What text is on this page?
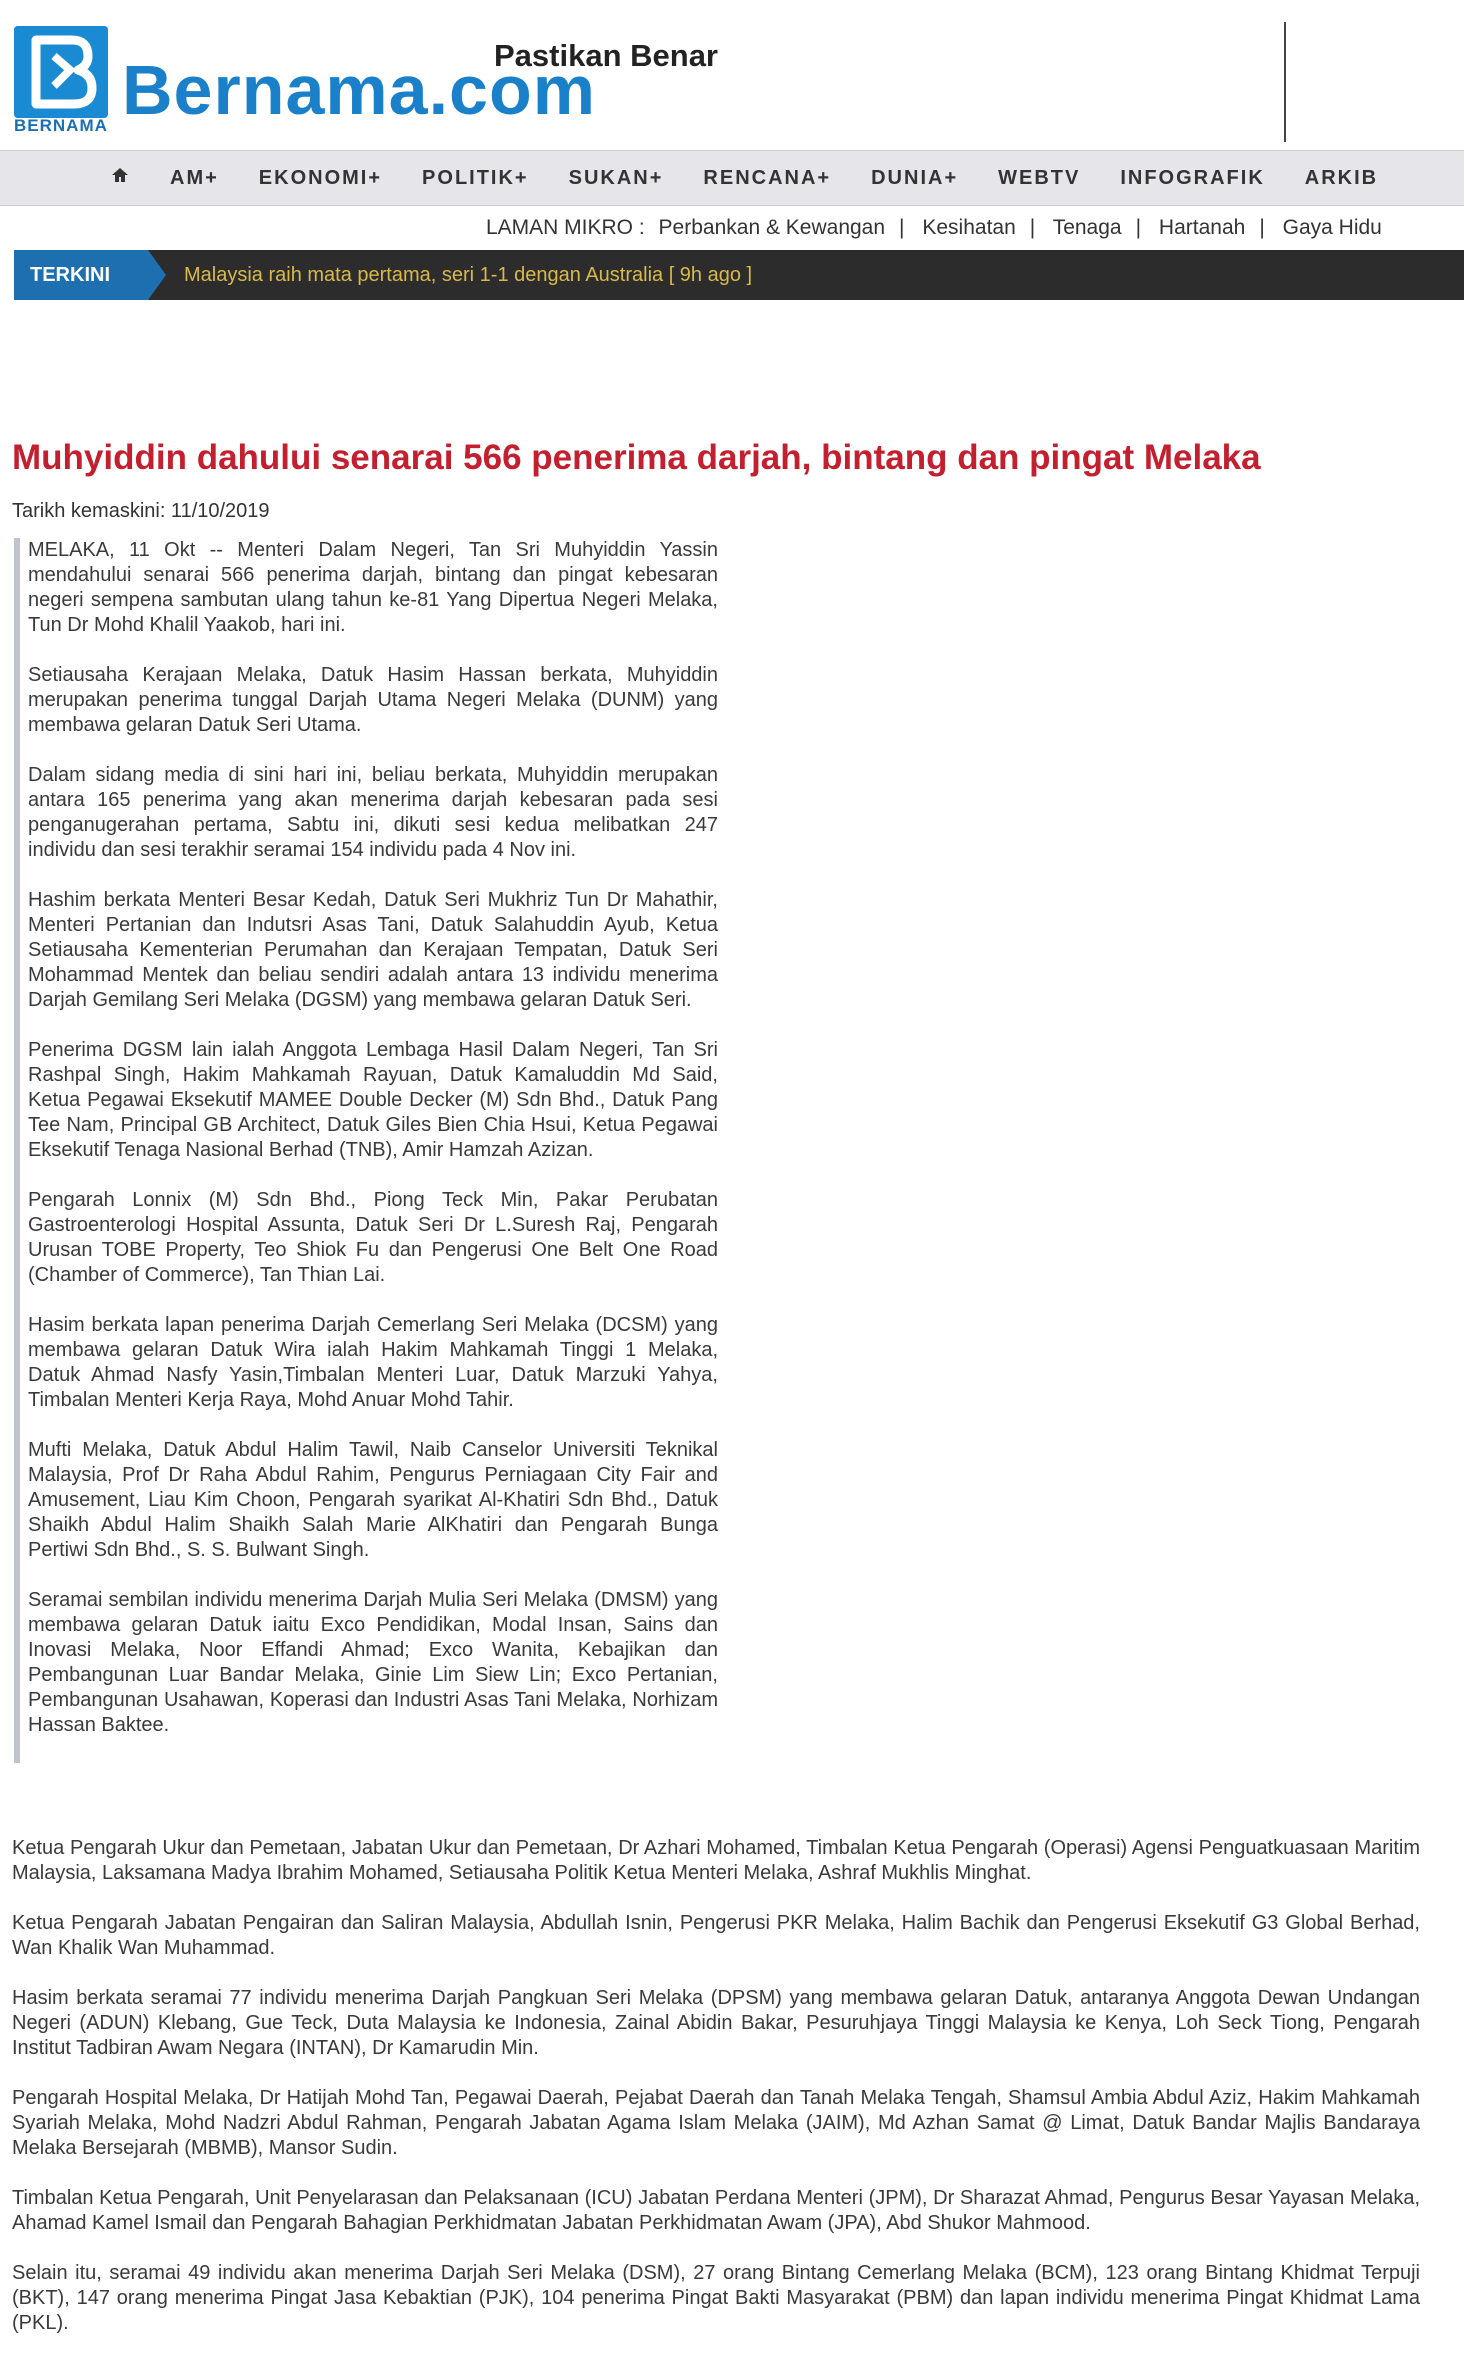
BERNAMA Bernama.com
Pastikan Benar
AM+ EKONOMI+ POLITIK+ SUKAN+ RENCANA+ DUNIA+ WEBTV INFOGRAFIK ARKIB
LAMAN MIKRO : Perbankan & Kewangan | Kesihatan | Tenaga | Hartanah | Gaya Hidu
TERKINI	Malaysia raih mata pertama, seri 1-1 dengan Australia [ 9h ago ]
Muhyiddin dahului senarai 566 penerima darjah, bintang dan pingat Melaka
Tarikh kemaskini: 11/10/2019

MELAKA, 11 Okt -- Menteri Dalam Negeri, Tan Sri Muhyiddin Yassin mendahului senarai 566 penerima darjah, bintang dan pingat kebesaran negeri sempena sambutan ulang tahun ke-81 Yang Dipertua Negeri Melaka, Tun Dr Mohd Khalil Yaakob, hari ini.

Setiausaha Kerajaan Melaka, Datuk Hasim Hassan berkata, Muhyiddin merupakan penerima tunggal Darjah Utama Negeri Melaka (DUNM) yang membawa gelaran Datuk Seri Utama.

Dalam sidang media di sini hari ini, beliau berkata, Muhyiddin merupakan antara 165 penerima yang akan menerima darjah kebesaran pada sesi penganugerahan pertama, Sabtu ini, dikuti sesi kedua melibatkan 247 individu dan sesi terakhir seramai 154 individu pada 4 Nov ini.

Hashim berkata Menteri Besar Kedah, Datuk Seri Mukhriz Tun Dr Mahathir, Menteri Pertanian dan Indutsri Asas Tani, Datuk Salahuddin Ayub, Ketua Setiausaha Kementerian Perumahan dan Kerajaan Tempatan, Datuk Seri Mohammad Mentek dan beliau sendiri adalah antara 13 individu menerima Darjah Gemilang Seri Melaka (DGSM) yang membawa gelaran Datuk Seri.

Penerima DGSM lain ialah Anggota Lembaga Hasil Dalam Negeri, Tan Sri Rashpal Singh, Hakim Mahkamah Rayuan, Datuk Kamaluddin Md Said, Ketua Pegawai Eksekutif MAMEE Double Decker (M) Sdn Bhd., Datuk Pang Tee Nam, Principal GB Architect, Datuk Giles Bien Chia Hsui, Ketua Pegawai Eksekutif Tenaga Nasional Berhad (TNB), Amir Hamzah Azizan.

Pengarah Lonnix (M) Sdn Bhd., Piong Teck Min, Pakar Perubatan Gastroenterologi Hospital Assunta, Datuk Seri Dr L.Suresh Raj, Pengarah Urusan TOBE Property, Teo Shiok Fu dan Pengerusi One Belt One Road (Chamber of Commerce), Tan Thian Lai.

Hasim berkata lapan penerima Darjah Cemerlang Seri Melaka (DCSM) yang membawa gelaran Datuk Wira ialah Hakim Mahkamah Tinggi 1 Melaka, Datuk Ahmad Nasfy Yasin,Timbalan Menteri Luar, Datuk Marzuki Yahya, Timbalan Menteri Kerja Raya, Mohd Anuar Mohd Tahir.

Mufti Melaka, Datuk Abdul Halim Tawil, Naib Canselor Universiti Teknikal Malaysia, Prof Dr Raha Abdul Rahim, Pengurus Perniagaan City Fair and Amusement, Liau Kim Choon, Pengarah syarikat Al-Khatiri Sdn Bhd., Datuk Shaikh Abdul Halim Shaikh Salah Marie AlKhatiri dan Pengarah Bunga Pertiwi Sdn Bhd., S. S. Bulwant Singh.

Seramai sembilan individu menerima Darjah Mulia Seri Melaka (DMSM) yang membawa gelaran Datuk iaitu Exco Pendidikan, Modal Insan, Sains dan Inovasi Melaka, Noor Effandi Ahmad; Exco Wanita, Kebajikan dan Pembangunan Luar Bandar Melaka, Ginie Lim Siew Lin; Exco Pertanian, Pembangunan Usahawan, Koperasi dan Industri Asas Tani Melaka, Norhizam Hassan Baktee.

Ketua Pengarah Ukur dan Pemetaan, Jabatan Ukur dan Pemetaan, Dr Azhari Mohamed, Timbalan Ketua Pengarah (Operasi) Agensi Penguatkuasaan Maritim Malaysia, Laksamana Madya Ibrahim Mohamed, Setiausaha Politik Ketua Menteri Melaka, Ashraf Mukhlis Minghat.

Ketua Pengarah Jabatan Pengairan dan Saliran Malaysia, Abdullah Isnin, Pengerusi PKR Melaka, Halim Bachik dan Pengerusi Eksekutif G3 Global Berhad, Wan Khalik Wan Muhammad.

Hasim berkata seramai 77 individu menerima Darjah Pangkuan Seri Melaka (DPSM) yang membawa gelaran Datuk, antaranya Anggota Dewan Undangan Negeri (ADUN) Klebang, Gue Teck, Duta Malaysia ke Indonesia, Zainal Abidin Bakar, Pesuruhjaya Tinggi Malaysia ke Kenya, Loh Seck Tiong, Pengarah Institut Tadbiran Awam Negara (INTAN), Dr Kamarudin Min.

Pengarah Hospital Melaka, Dr Hatijah Mohd Tan, Pegawai Daerah, Pejabat Daerah dan Tanah Melaka Tengah, Shamsul Ambia Abdul Aziz, Hakim Mahkamah Syariah Melaka, Mohd Nadzri Abdul Rahman, Pengarah Jabatan Agama Islam Melaka (JAIM), Md Azhan Samat @ Limat, Datuk Bandar Majlis Bandaraya Melaka Bersejarah (MBMB), Mansor Sudin.

Timbalan Ketua Pengarah, Unit Penyelarasan dan Pelaksanaan (ICU) Jabatan Perdana Menteri (JPM), Dr Sharazat Ahmad, Pengurus Besar Yayasan Melaka, Ahamad Kamel Ismail dan Pengarah Bahagian Perkhidmatan Jabatan Perkhidmatan Awam (JPA), Abd Shukor Mahmood.

Selain itu, seramai 49 individu akan menerima Darjah Seri Melaka (DSM), 27 orang Bintang Cemerlang Melaka (BCM), 123 orang Bintang Khidmat Terpuji (BKT), 147 orang menerima Pingat Jasa Kebaktian (PJK), 104 penerima Pingat Bakti Masyarakat (PBM) dan lapan individu menerima Pingat Khidmat Lama (PKL).
